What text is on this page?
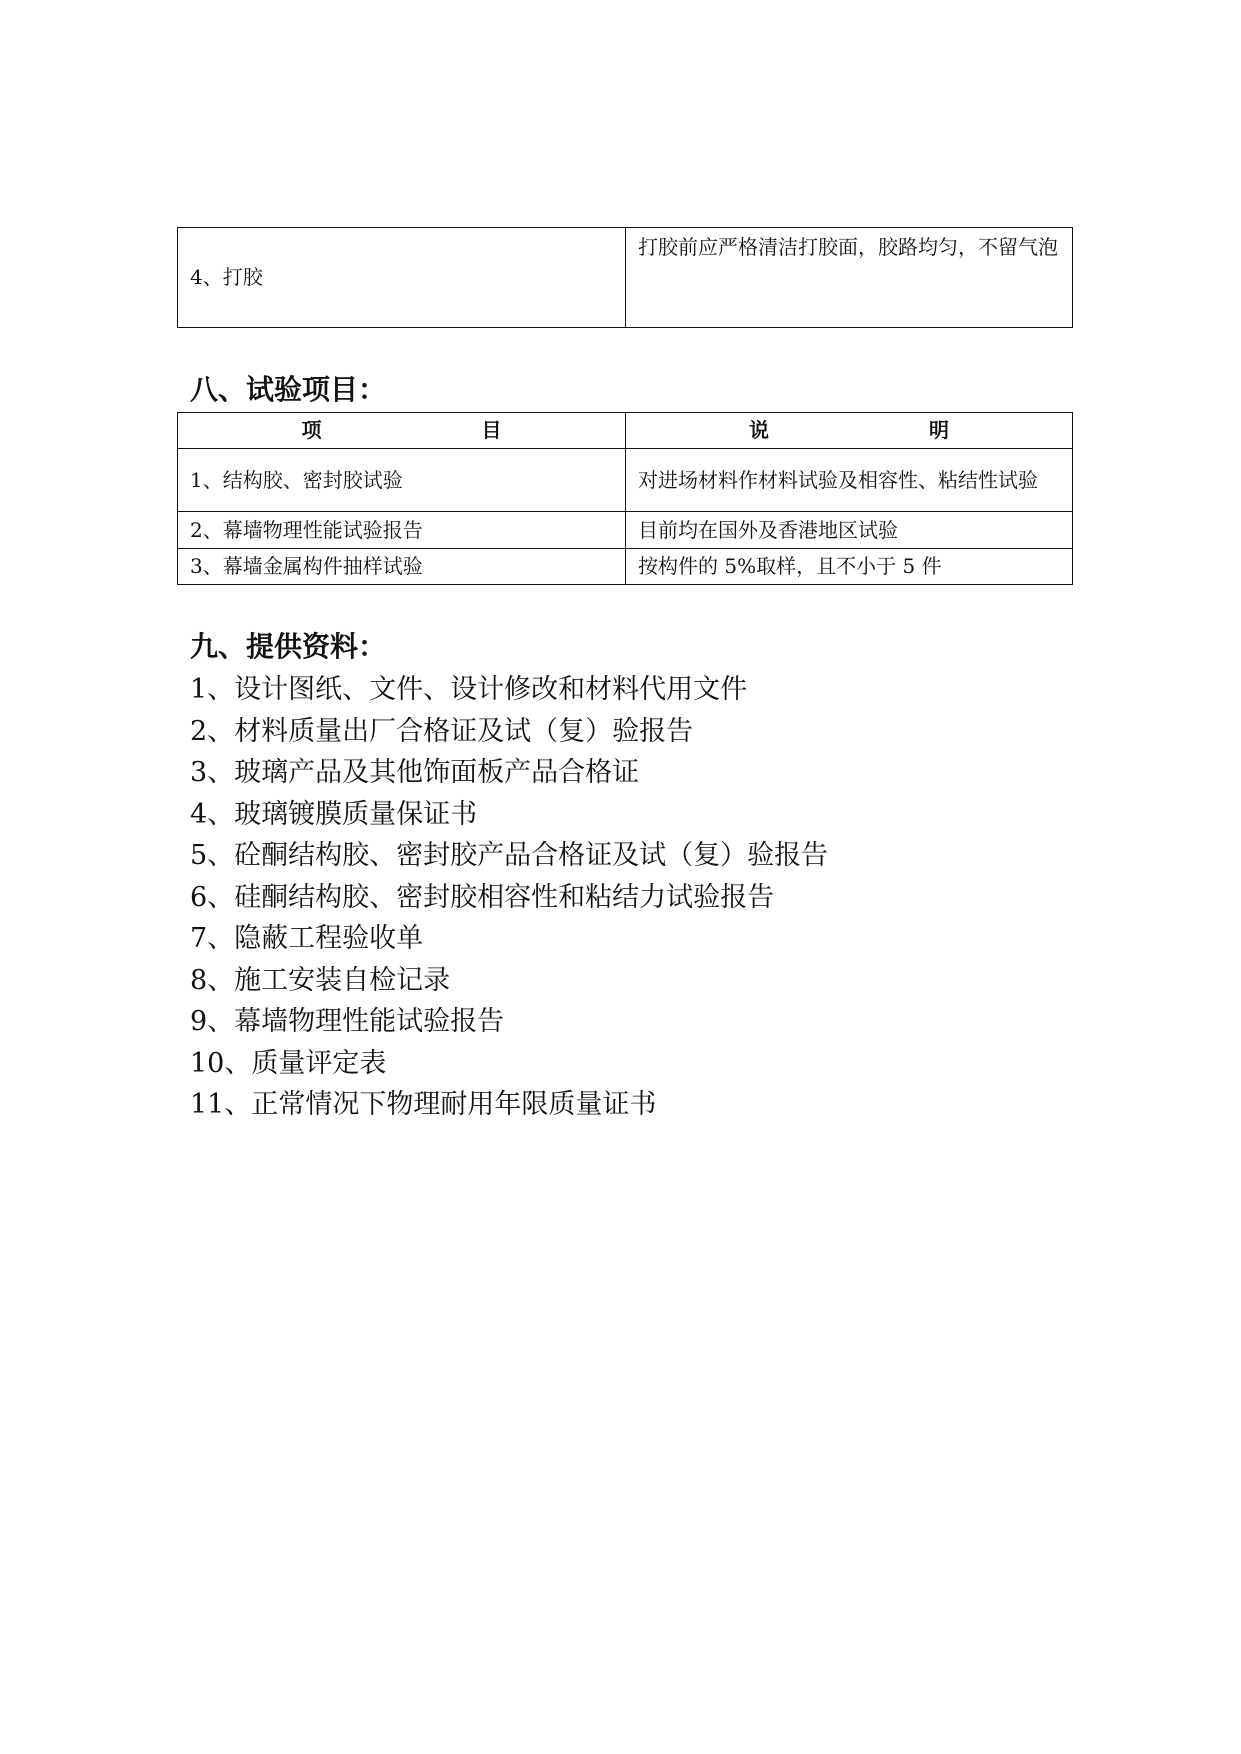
4、打胶	打胶前应严格清洁打胶面，胶路均匀，不留气泡
八、试验项目：
项 目	说 明

1、结构胶、密封胶试验	对进场材料作材料试验及相容性、粘结性试验
2、幕墙物理性能试验报告	目前均在国外及香港地区试验
3、幕墙金属构件抽样试验	按构件的 5%取样，且不小于 5 件
九、提供资料：
1、设计图纸、文件、设计修改和材料代用文件
2、材料质量出厂合格证及试（复）验报告
3、玻璃产品及其他饰面板产品合格证
4、玻璃镀膜质量保证书
5、砼酮结构胶、密封胶产品合格证及试（复）验报告
6、硅酮结构胶、密封胶相容性和粘结力试验报告
7、隐蔽工程验收单
8、施工安装自检记录
9、幕墙物理性能试验报告
10、质量评定表
11、正常情况下物理耐用年限质量证书
